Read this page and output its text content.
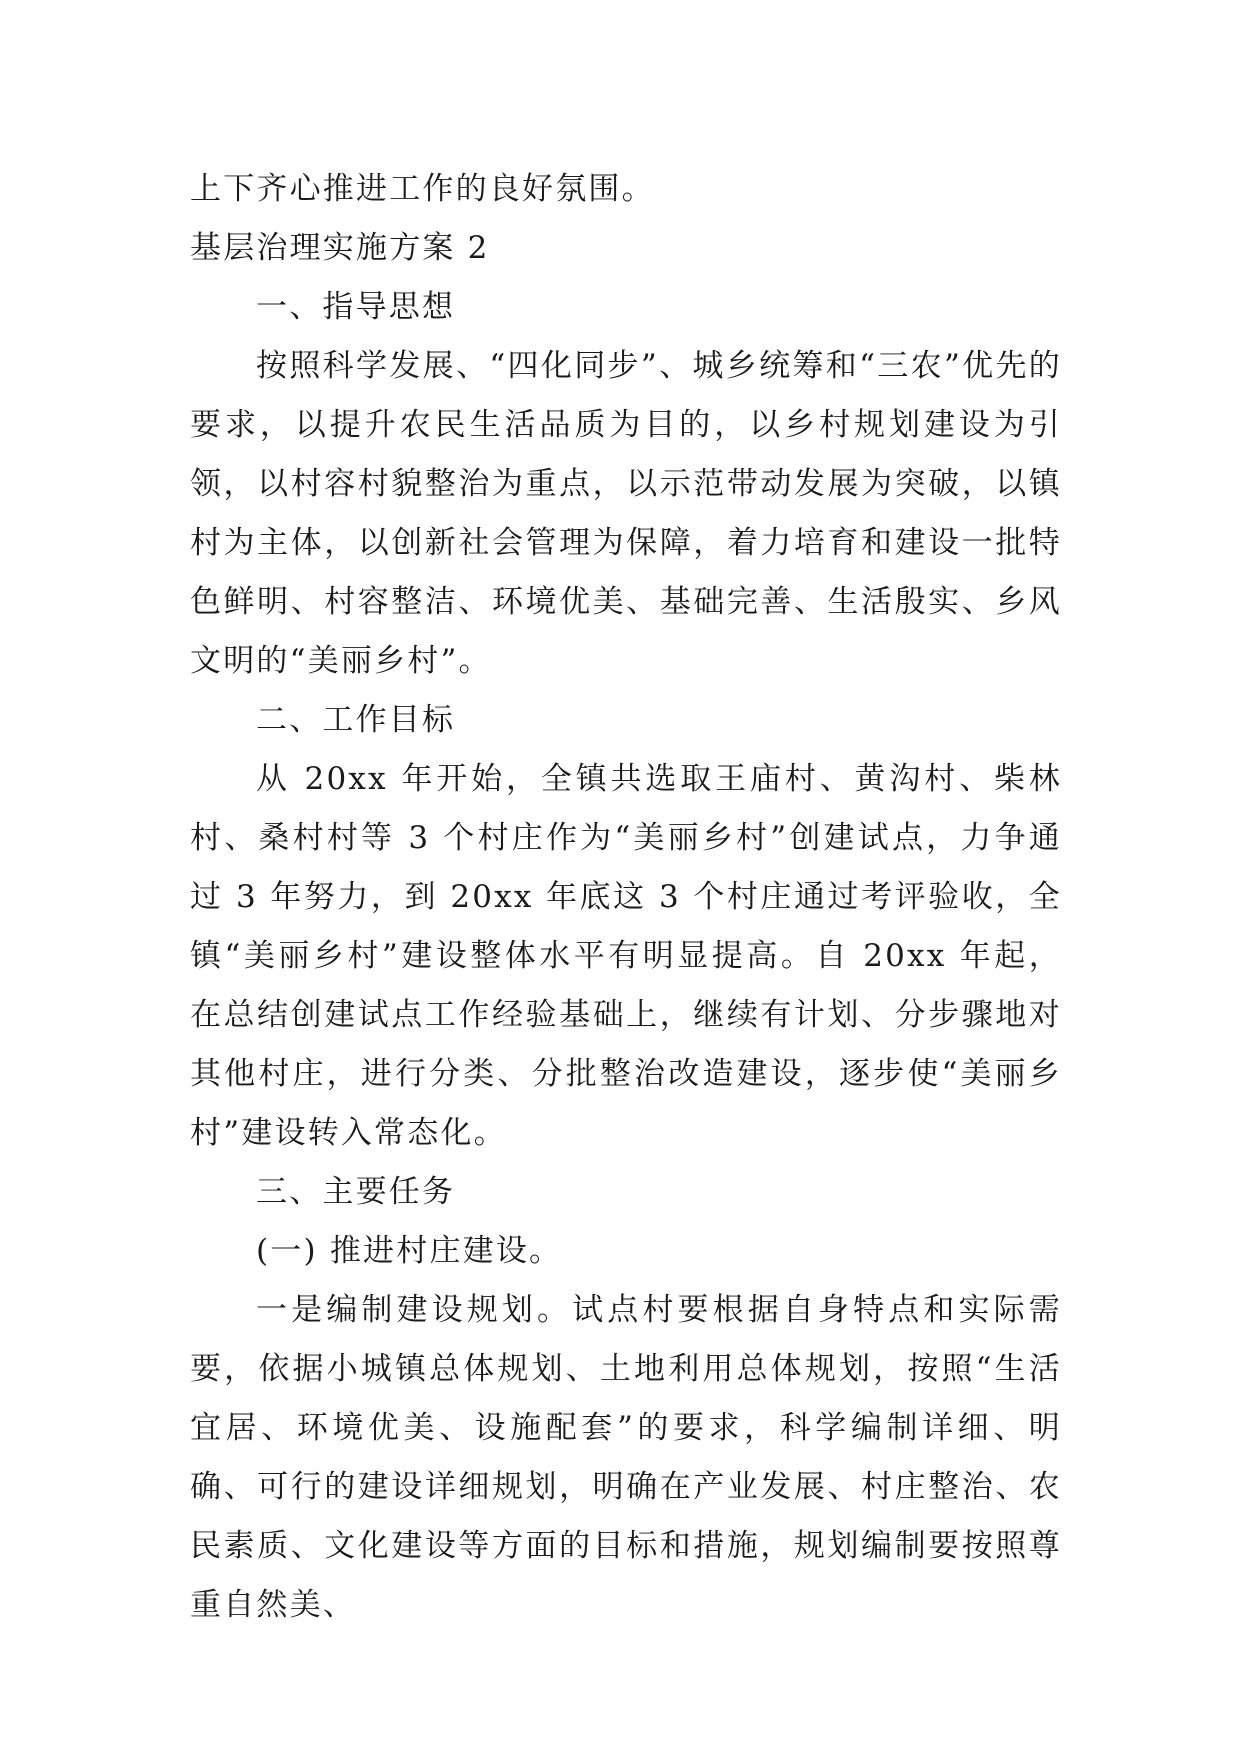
上下齐心推进工作的良好氛围。

基层治理实施方案 2

一、指导思想

按照科学发展、“四化同步”、城乡统筹和“三农”优先的要求，以提升农民生活品质为目的，以乡村规划建设为引领，以村容村貌整治为重点，以示范带动发展为突破，以镇村为主体，以创新社会管理为保障，着力培育和建设一批特色鲜明、村容整洁、环境优美、基础完善、生活殷实、乡风文明的“美丽乡村”。

二、工作目标

从 20xx 年开始，全镇共选取王庙村、黄沟村、柴林村、桑村村等 3 个村庄作为“美丽乡村”创建试点，力争通过 3 年努力，到 20xx 年底这 3 个村庄通过考评验收，全镇“美丽乡村”建设整体水平有明显提高。自 20xx 年起，在总结创建试点工作经验基础上，继续有计划、分步骤地对其他村庄，进行分类、分批整治改造建设，逐步使“美丽乡村”建设转入常态化。

三、主要任务

(一) 推进村庄建设。

一是编制建设规划。试点村要根据自身特点和实际需要，依据小城镇总体规划、土地利用总体规划，按照“生活宜居、环境优美、设施配套”的要求，科学编制详细、明确、可行的建设详细规划，明确在产业发展、村庄整治、农民素质、文化建设等方面的目标和措施，规划编制要按照尊重自然美、
